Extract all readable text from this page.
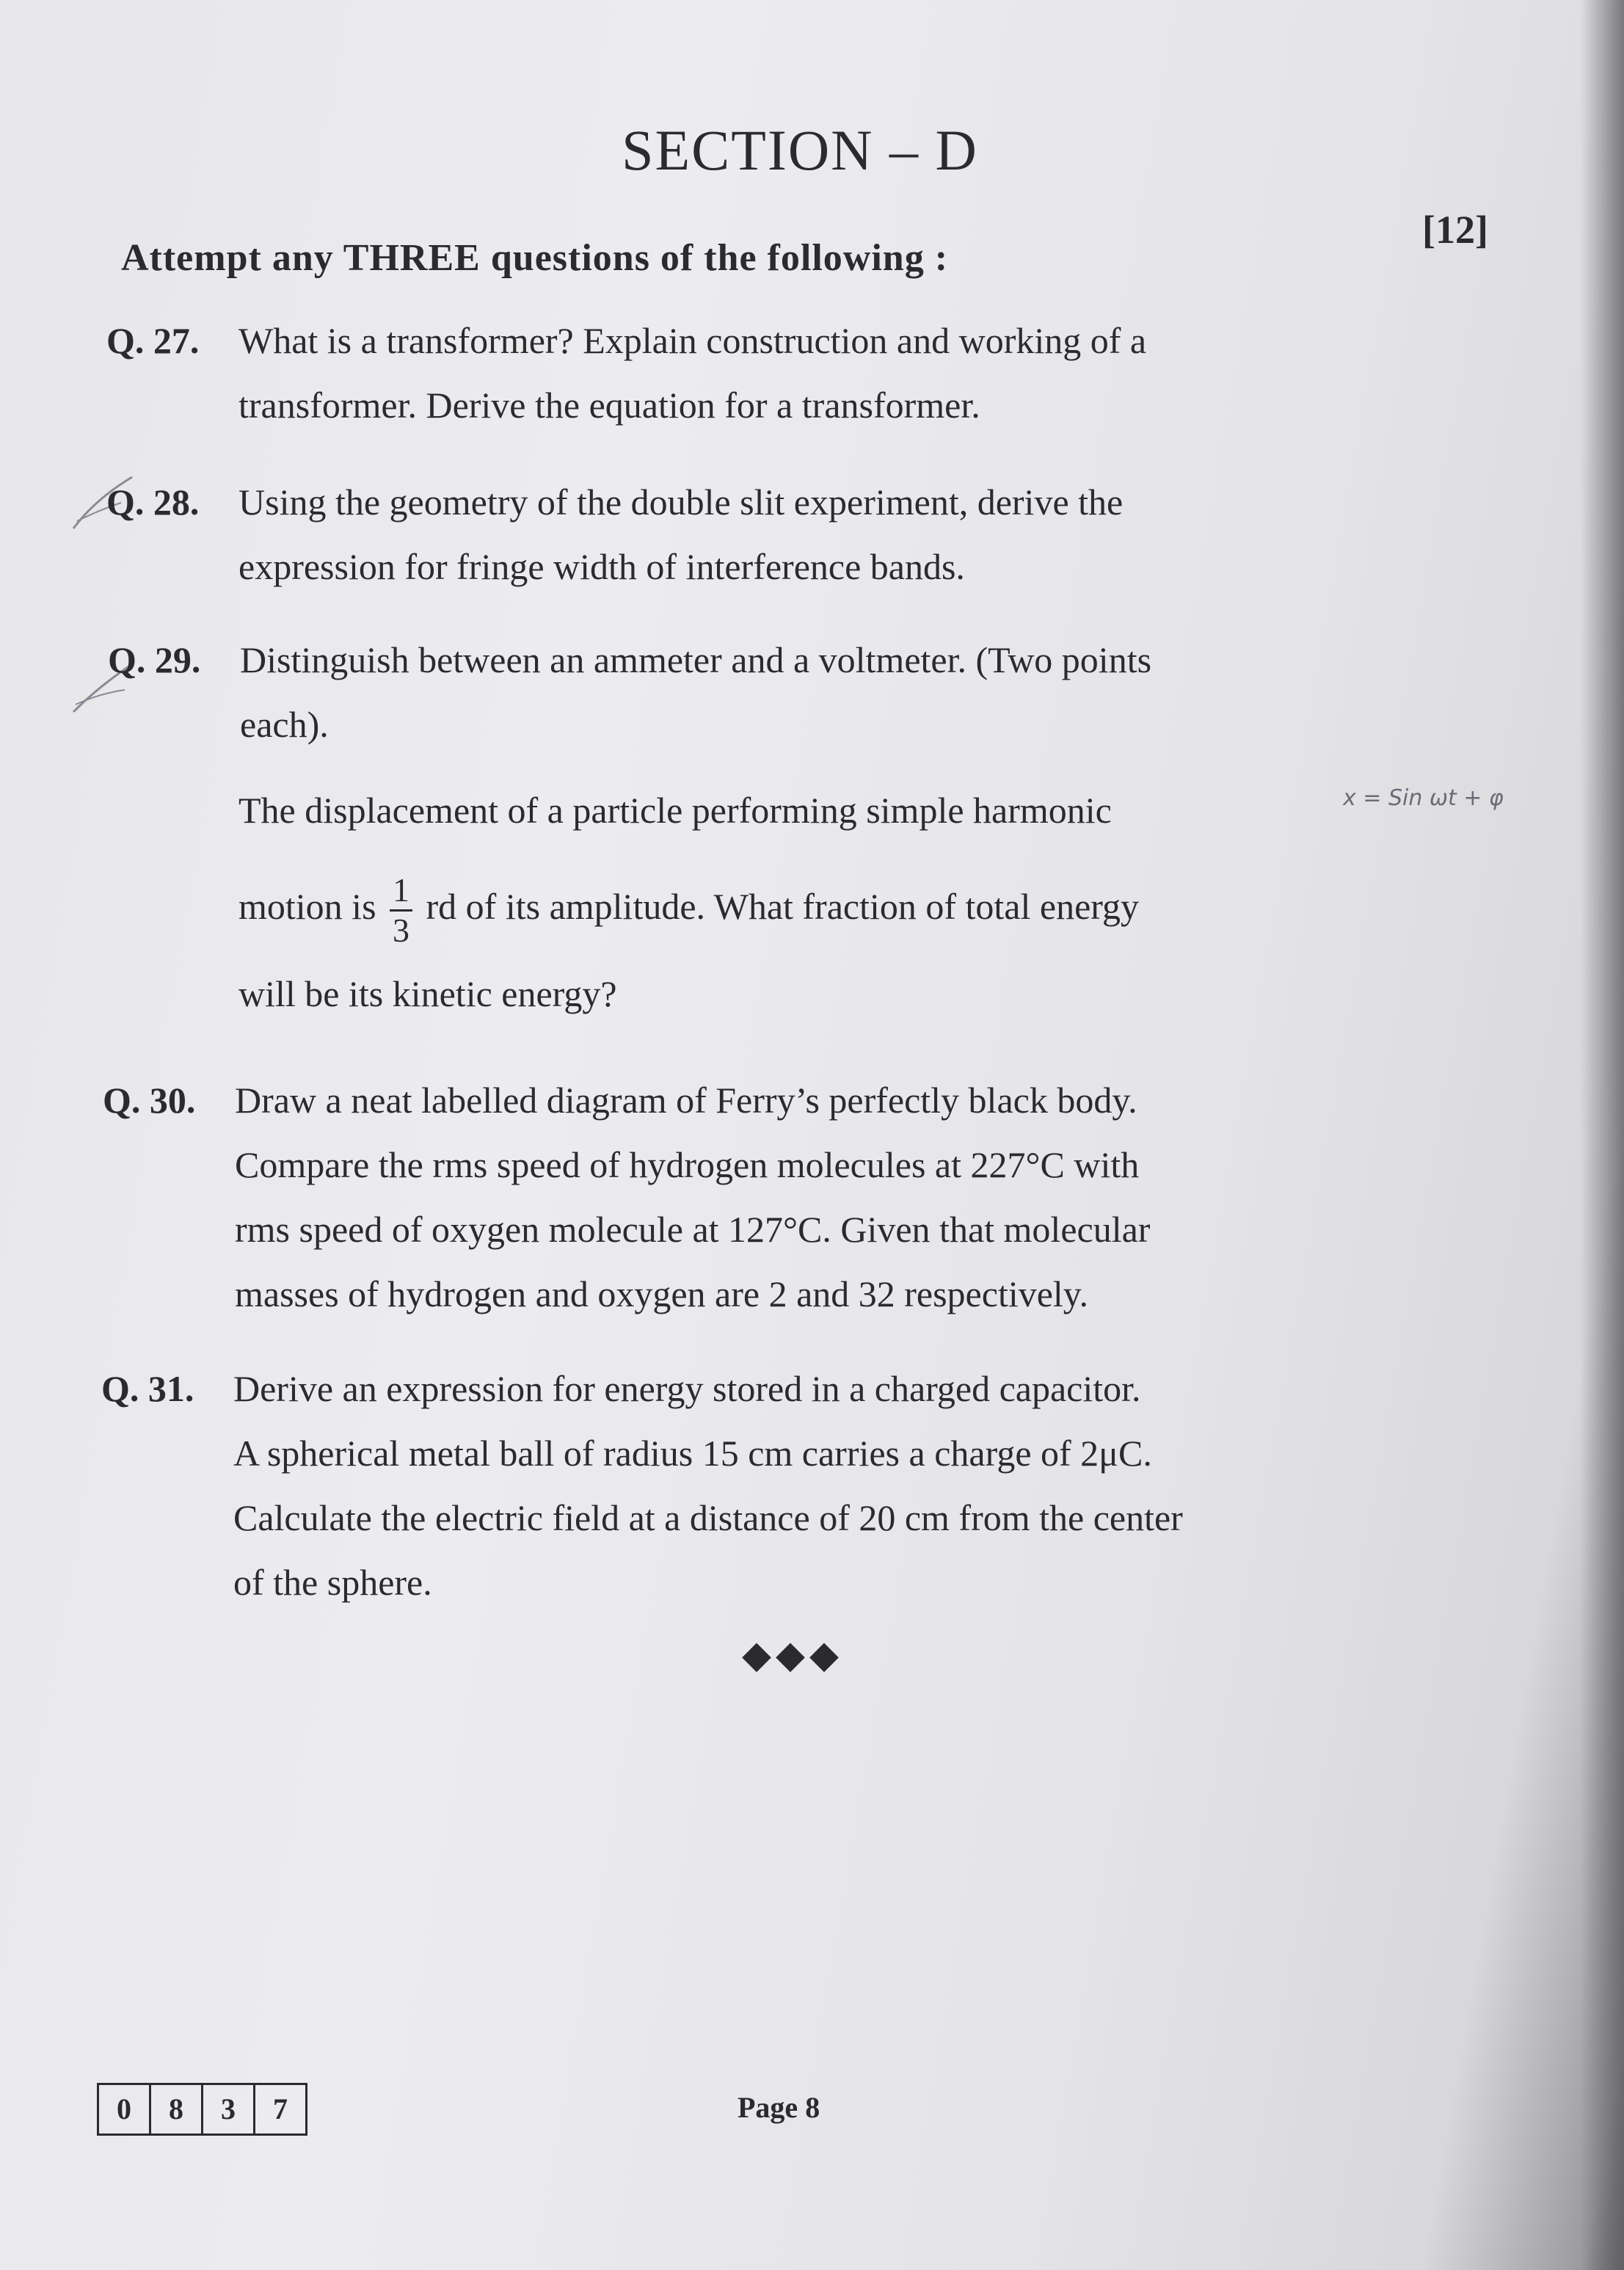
SECTION – D
Attempt any THREE questions of the following :
[12]
Q. 27. What is a transformer? Explain construction and working of a

transformer. Derive the equation for a transformer.

Q. 28. Using the geometry of the double slit experiment, derive the

expression for fringe width of interference bands.

Q. 29. Distinguish between an ammeter and a voltmeter. (Two points

each).

The displacement of a particle performing simple harmonic
motion is $\frac{1}{3}$ rd of its amplitude. What fraction of total energy
will be its kinetic energy?
x = Sin ωt + φ
Q. 30. Draw a neat labelled diagram of Ferry’s perfectly black body.

Compare the rms speed of hydrogen molecules at 227°C with

rms speed of oxygen molecule at 127°C. Given that molecular

masses of hydrogen and oxygen are 2 and 32 respectively.

Q. 31. Derive an expression for energy stored in a charged capacitor.

A spherical metal ball of radius 15 cm carries a charge of 2μC.

Calculate the electric field at a distance of 20 cm from the center

of the sphere.

◆◆◆
0	8	3	7	Page 8
